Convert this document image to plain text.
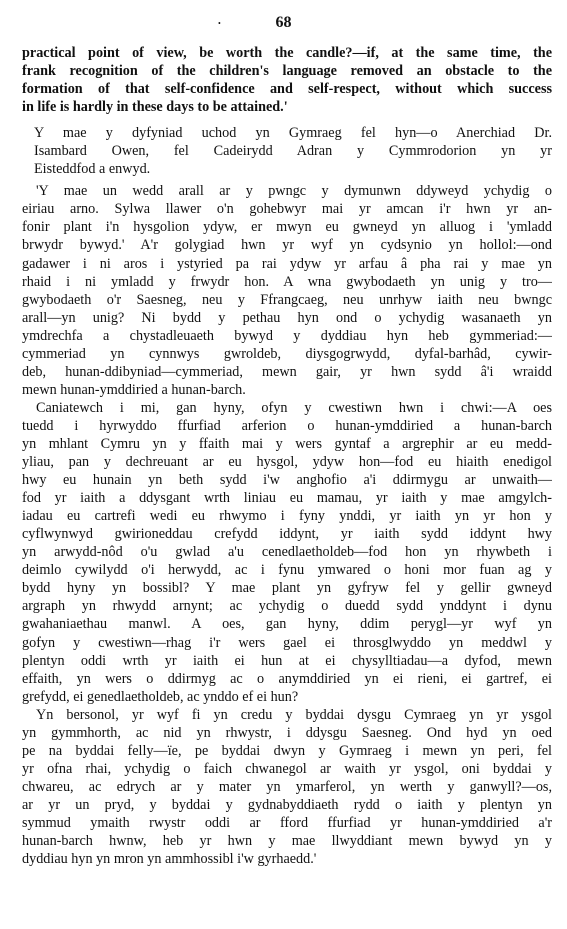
68
•
practical point of view, be worth the candle?—if, at the same time, the
frank recognition of the children's language removed an obstacle to the
formation of that self-confidence and self-respect, without which success
in life is hardly in these days to be attained.'
Y mae y dyfyniad uchod yn Gymraeg fel hyn—o Anerchiad Dr.
Isambard Owen, fel Cadeirydd Adran y Cymmrodorion yn yr
Eisteddfod a enwyd.
'Y mae un wedd arall ar y pwngc y dymunwn ddyweyd ychydig o
eiriau arno. Sylwa llawer o'n gohebwyr mai yr amcan i'r hwn yr an-
fonir plant i'n hysgolion ydyw, er mwyn eu gwneyd yn alluog i 'ymladd
brwydr bywyd.' A'r golygiad hwn yr wyf yn cydsynio yn hollol:—ond
gadawer i ni aros i ystyried pa rai ydyw yr arfau â pha rai y mae yn
rhaid i ni ymladd y frwydr hon. A wna gwybodaeth yn unig y tro—
gwybodaeth o'r Saesneg, neu y Ffrangcaeg, neu unrhyw iaith neu bwngc
arall—yn unig? Ni bydd y pethau hyn ond o ychydig wasanaeth yn
ymdrechfa a chystadleuaeth bywyd y dyddiau hyn heb gymmeriad:—
cymmeriad yn cynnwys gwroldeb, diysgogrwydd, dyfal-barhâd, cywir-
deb, hunan-ddibyniad—cymmeriad, mewn gair, yr hwn sydd â'i wraidd
mewn hunan-ymddiried a hunan-barch.
Caniatewch i mi, gan hyny, ofyn y cwestiwn hwn i chwi:—A oes
tuedd i hyrwyddo ffurfiad arferion o hunan-ymddiried a hunan-barch
yn mhlant Cymru yn y ffaith mai y wers gyntaf a argrephir ar eu medd-
yliau, pan y dechreuant ar eu hysgol, ydyw hon—fod eu hiaith enedigol
hwy eu hunain yn beth sydd i'w anghofio a'i ddirmygu ar unwaith—
fod yr iaith a ddysgant wrth liniau eu mamau, yr iaith y mae amgylch-
iadau eu cartrefi wedi eu rhwymo i fyny ynddi, yr iaith yn yr hon y
cyflwynwyd gwirioneddau crefydd iddynt, yr iaith sydd iddynt hwy
yn arwydd-nôd o'u gwlad a'u cenedlaetholdeb—fod hon yn rhywbeth i
deimlo cywilydd o'i herwydd, ac i fynu ymwared o honi mor fuan ag y
bydd hyny yn bossibl? Y mae plant yn gyfryw fel y gellir gwneyd
argraph yn rhwydd arnynt; ac ychydig o duedd sydd ynddynt i dynu
gwahaniaethau manwl. A oes, gan hyny, ddim perygl—yr wyf yn
gofyn y cwestiwn—rhag i'r wers gael ei throsglwyddo yn meddwl y
plentyn oddi wrth yr iaith ei hun at ei chysylltiadau—a dyfod, mewn
effaith, yn wers o ddirmyg ac o anymddiried yn ei rieni, ei gartref, ei
grefydd, ei genedlaetholdeb, ac ynddo ef ei hun?
Yn bersonol, yr wyf fi yn credu y byddai dysgu Cymraeg yn yr ysgol
yn gymmhorth, ac nid yn rhwystr, i ddysgu Saesneg. Ond hyd yn oed
pe na byddai felly—ïe, pe byddai dwyn y Gymraeg i mewn yn peri, fel
yr ofna rhai, ychydig o faich chwanegol ar waith yr ysgol, oni byddai y
chwareu, ac edrych ar y mater yn ymarferol, yn werth y ganwyll?—os,
ar yr un pryd, y byddai y gydnabyddiaeth rydd o iaith y plentyn yn
symmud ymaith rwystr oddi ar fford ffurfiad yr hunan-ymddiried a'r
hunan-barch hwnw, heb yr hwn y mae llwyddiant mewn bywyd yn y
dyddiau hyn yn mron yn ammhossibl i'w gyrhaedd.'
